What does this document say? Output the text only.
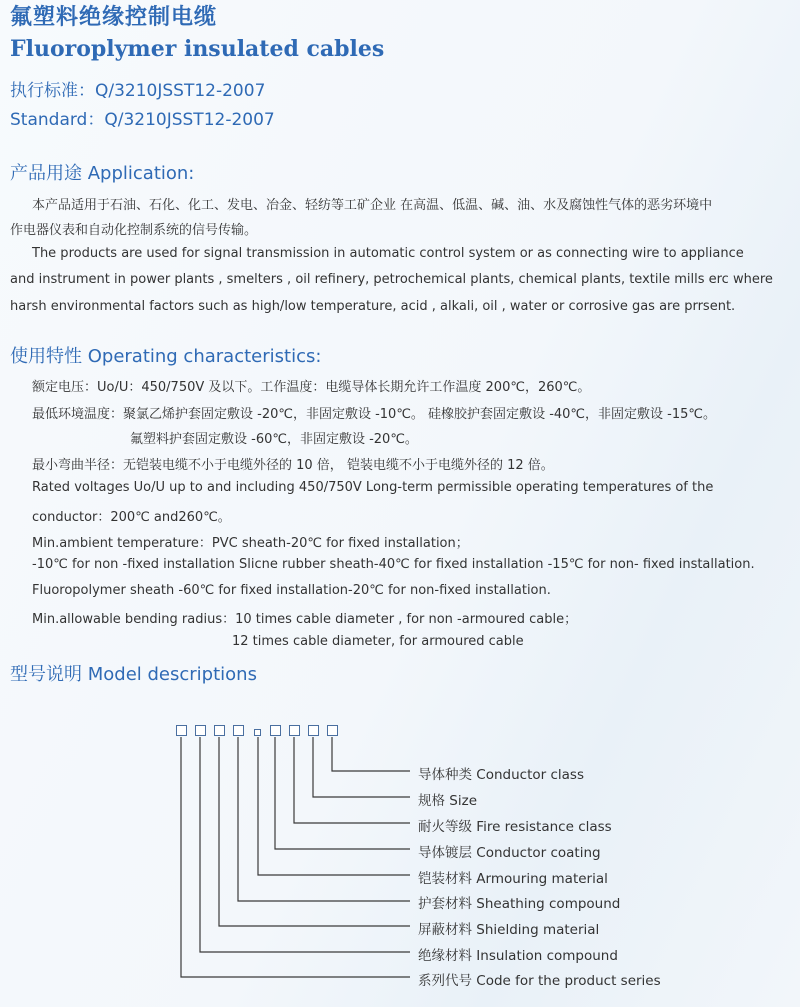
氟塑料绝缘控制电缆
Fluoroplymer insulated cables
执行标准：Q/3210JSST12-2007
Standard：Q/3210JSST12-2007
产品用途 Application:
本产品适用于石油、石化、化工、发电、冶金、轻纺等工矿企业 在高温、低温、碱、油、水及腐蚀性气体的恶劣环境中
作电器仪表和自动化控制系统的信号传输。
The products are used for signal transmission in automatic control system or as connecting wire to appliance
and instrument in power plants , smelters , oil refinery, petrochemical plants, chemical plants, textile mills erc where
harsh environmental factors such as high/low temperature, acid , alkali, oil , water or corrosive gas are prrsent.
使用特性 Operating characteristics:
额定电压：Uo/U：450/750V 及以下。工作温度：电缆导体长期允许工作温度 200℃，260℃。
最低环境温度：聚氯乙烯护套固定敷设 -20℃，非固定敷设 -10℃。 硅橡胶护套固定敷设 -40℃，非固定敷设 -15℃。
氟塑料护套固定敷设 -60℃，非固定敷设 -20℃。
最小弯曲半径：无铠装电缆不小于电缆外径的 10 倍， 铠装电缆不小于电缆外径的 12 倍。
Rated voltages Uo/U up to and including 450/750V Long-term permissible operating temperatures of the
conductor：200℃ and260℃。
Min.ambient temperature：PVC sheath-20℃ for fixed installation；
-10℃ for non -fixed installation Slicne rubber sheath-40℃ for fixed installation -15℃ for non- fixed installation.
Fluoropolymer sheath -60℃ for fixed installation-20℃ for non-fixed installation.
Min.allowable bending radius：10 times cable diameter , for non -armoured cable；
12 times cable diameter, for armoured cable
型号说明 Model descriptions
导体种类 Conductor class
规格 Size
耐火等级 Fire resistance class
导体镀层 Conductor coating
铠装材料 Armouring material
护套材料 Sheathing compound
屏蔽材料 Shielding material
绝缘材料 Insulation compound
系列代号 Code for the product series
